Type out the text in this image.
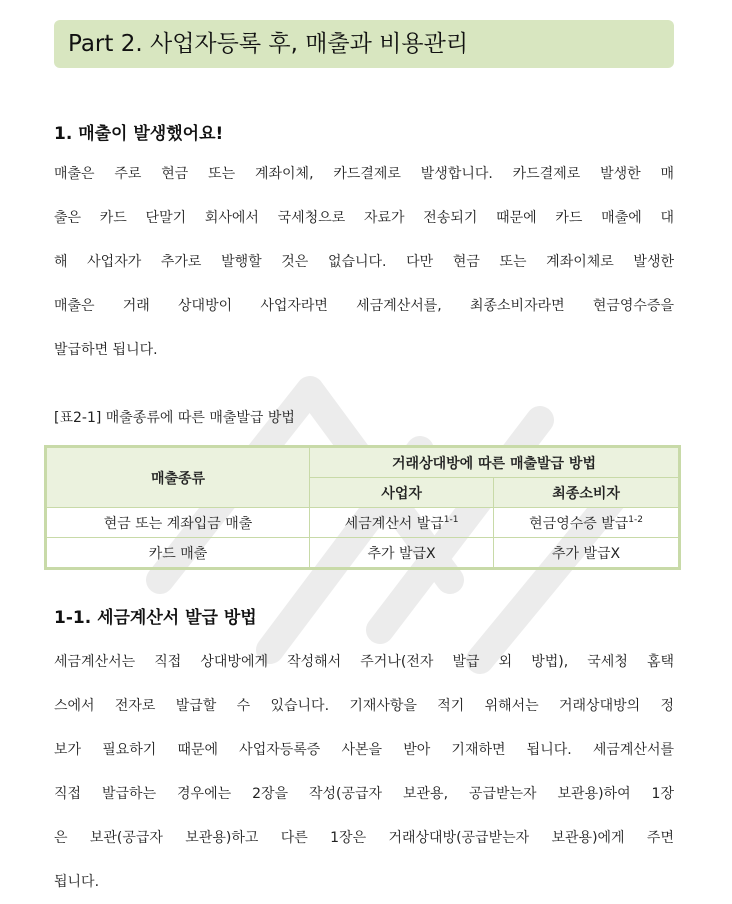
Part 2. 사업자등록 후, 매출과 비용관리
1. 매출이 발생했어요!
매출은 주로 현금 또는 계좌이체, 카드결제로 발생합니다. 카드결제로 발생한 매
출은 카드 단말기 회사에서 국세청으로 자료가 전송되기 때문에 카드 매출에 대
해 사업자가 추가로 발행할 것은 없습니다. 다만 현금 또는 계좌이체로 발생한
매출은 거래 상대방이 사업자라면 세금계산서를, 최종소비자라면 현금영수증을
발급하면 됩니다.
[표2-1] 매출종류에 따른 매출발급 방법
매출종류	거래상대방에 따른 매출발급 방법	
	사업자	최종소비자
현금 또는 계좌입금 매출	세금계산서 발급$^{1-1}$	현금영수증 발급$^{1-2}$
카드 매출	추가 발급X	추가 발급X
1-1. 세금계산서 발급 방법
세금계산서는 직접 상대방에게 작성해서 주거나(전자 발급 외 방법), 국세청 홈택
스에서 전자로 발급할 수 있습니다. 기재사항을 적기 위해서는 거래상대방의 정
보가 필요하기 때문에 사업자등록증 사본을 받아 기재하면 됩니다. 세금계산서를
직접 발급하는 경우에는 2장을 작성(공급자 보관용, 공급받는자 보관용)하여 1장
은 보관(공급자 보관용)하고 다른 1장은 거래상대방(공급받는자 보관용)에게 주면
됩니다.
